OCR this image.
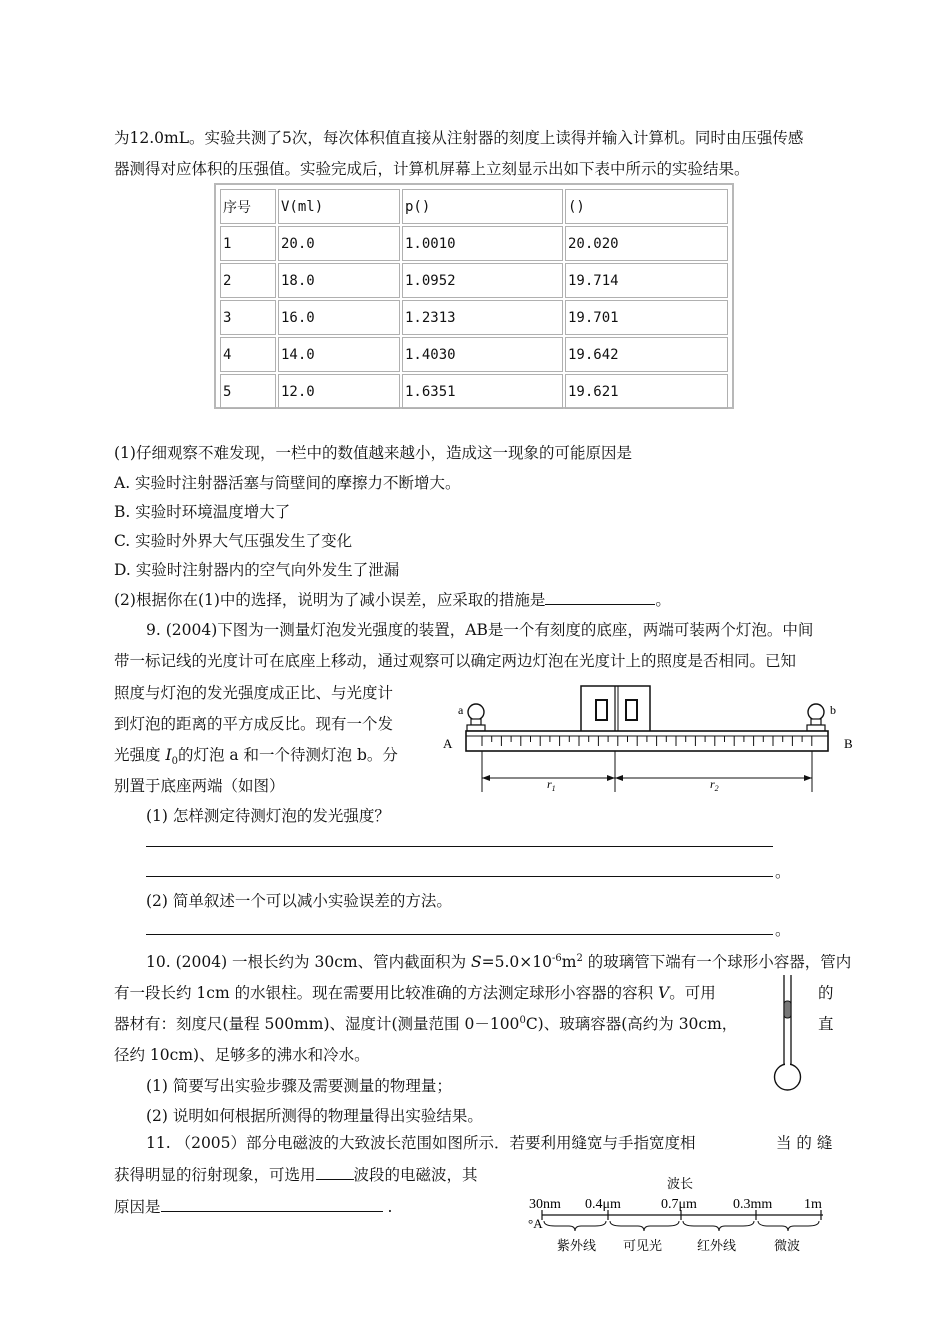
为12.0mL。实验共测了5次，每次体积值直接从注射器的刻度上读得并输入计算机。同时由压强传感
器测得对应体积的压强值。实验完成后，计算机屏幕上立刻显示出如下表中所示的实验结果。
序号	V(ml)	p()	()
1	20.0	1.0010	20.020
2	18.0	1.0952	19.714
3	16.0	1.2313	19.701
4	14.0	1.4030	19.642
5	12.0	1.6351	19.621
(1)仔细观察不难发现，一栏中的数值越来越小，造成这一现象的可能原因是
A. 实验时注射器活塞与筒壁间的摩擦力不断增大。
B. 实验时环境温度增大了
C. 实验时外界大气压强发生了变化
D. 实验时注射器内的空气向外发生了泄漏
(2)根据你在(1)中的选择，说明为了减小误差，应采取的措施是	。
9. (2004)下图为一测量灯泡发光强度的装置，AB是一个有刻度的底座，两端可装两个灯泡。中间
带一标记线的光度计可在底座上移动，通过观察可以确定两边灯泡在光度计上的照度是否相同。已知
照度与灯泡的发光强度成正比、与光度计
到灯泡的距离的平方成反比。现有一个发
光强度 $I_0$的灯泡 a 和一个待测灯泡 b。分
别置于底座两端（如图）
a	b
A	B
$r_1$	$r_2$
(1) 怎样测定待测灯泡的发光强度？
。
(2) 简单叙述一个可以减小实验误差的方法。
。
10. (2004) 一根长约为 30cm、管内截面积为 $S=5.0\times 10^{-6}m^2$ 的玻璃管下端有一个球形小容器，管内
有一段长约 1cm 的水银柱。现在需要用比较准确的方法测定球形小容器的容积 V。可用	的
器材有：刻度尺(量程 500mm)、湿度计(测量范围 $0-100^0C$)、玻璃容器(高约为 30cm，	直
径约 10cm)、足够多的沸水和冷水。
(1) 简要写出实验步骤及需要测量的物理量；
(2) 说明如何根据所测得的物理量得出实验结果。
11. （2005）部分电磁波的大致波长范围如图所示．若要利用缝宽与手指宽度相	当 的 缝
获得明显的衍射现象，可选用 波段的电磁波，其
原因是	.
波长
30nm 0.4μm	0.7μm	0.3mm 1m
°A
紫外线 可见光	红外线	微波
